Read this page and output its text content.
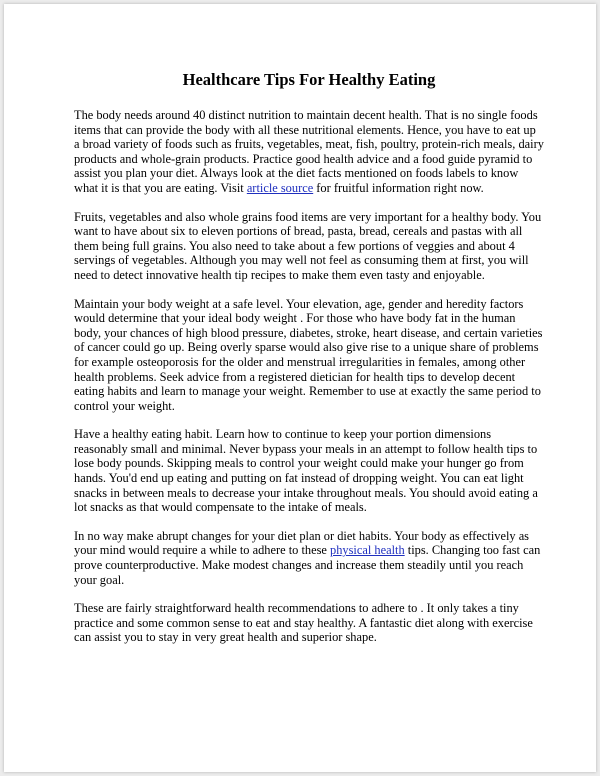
Healthcare Tips For Healthy Eating

The body needs around 40 distinct nutrition to maintain decent health. That is no single foods items that can provide the body with all these nutritional elements. Hence, you have to eat up a broad variety of foods such as fruits, vegetables, meat, fish, poultry, protein-rich meals, dairy products and whole-grain products. Practice good health advice and a food guide pyramid to assist you plan your diet. Always look at the diet facts mentioned on foods labels to know what it is that you are eating. Visit article source for fruitful information right now.

Fruits, vegetables and also whole grains food items are very important for a healthy body. You want to have about six to eleven portions of bread, pasta, bread, cereals and pastas with all them being full grains. You also need to take about a few portions of veggies and about 4 servings of vegetables. Although you may well not feel as consuming them at first, you will need to detect innovative health tip recipes to make them even tasty and enjoyable.

Maintain your body weight at a safe level. Your elevation, age, gender and heredity factors would determine that your ideal body weight . For those who have body fat in the human body, your chances of high blood pressure, diabetes, stroke, heart disease, and certain varieties of cancer could go up. Being overly sparse would also give rise to a unique share of problems for example osteoporosis for the older and menstrual irregularities in females, among other health problems. Seek advice from a registered dietician for health tips to develop decent eating habits and learn to manage your weight. Remember to use at exactly the same period to control your weight.

Have a healthy eating habit. Learn how to continue to keep your portion dimensions reasonably small and minimal. Never bypass your meals in an attempt to follow health tips to lose body pounds. Skipping meals to control your weight could make your hunger go from hands. You'd end up eating and putting on fat instead of dropping weight. You can eat light snacks in between meals to decrease your intake throughout meals. You should avoid eating a lot snacks as that would compensate to the intake of meals.

In no way make abrupt changes for your diet plan or diet habits. Your body as effectively as your mind would require a while to adhere to these physical health tips. Changing too fast can prove counterproductive. Make modest changes and increase them steadily until you reach your goal.

These are fairly straightforward health recommendations to adhere to . It only takes a tiny practice and some common sense to eat and stay healthy. A fantastic diet along with exercise can assist you to stay in very great health and superior shape.
